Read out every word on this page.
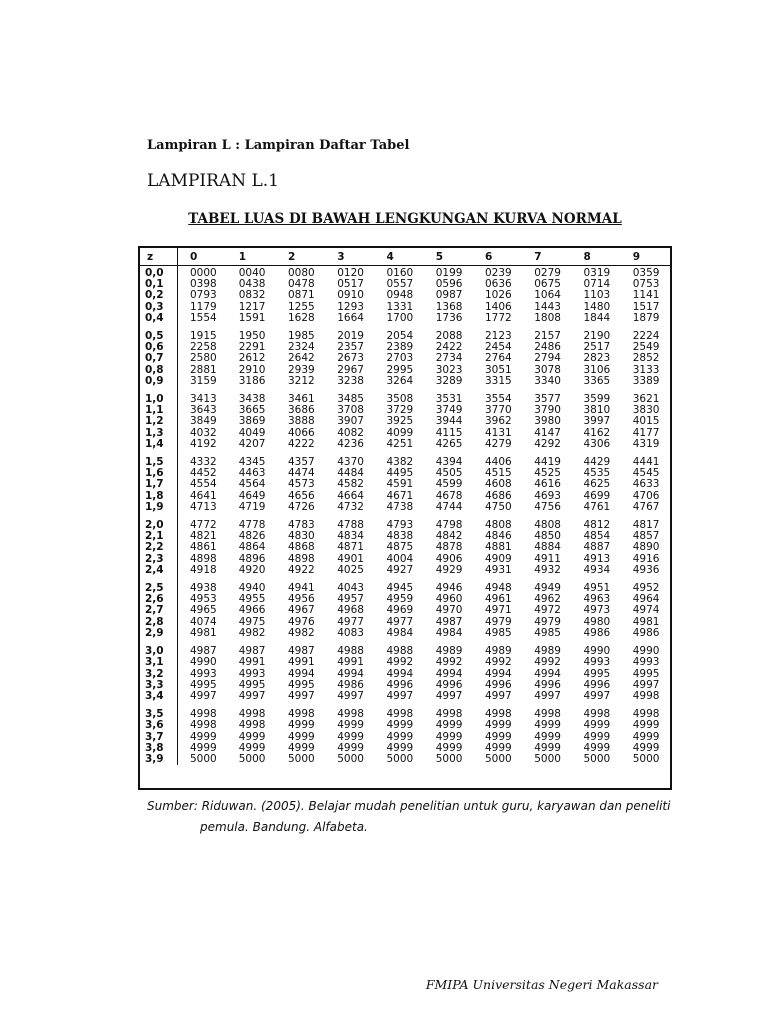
Lampiran L : Lampiran Daftar Tabel
LAMPIRAN L.1
TABEL LUAS DI BAWAH LENGKUNGAN KURVA NORMAL
z	0	1	2	3	4	5	6	7	8	9
0,0	0000	0040	0080	0120	0160	0199	0239	0279	0319	0359
0,1	0398	0438	0478	0517	0557	0596	0636	0675	0714	0753
0,2	0793	0832	0871	0910	0948	0987	1026	1064	1103	1141
0,3	1179	1217	1255	1293	1331	1368	1406	1443	1480	1517
0,4	1554	1591	1628	1664	1700	1736	1772	1808	1844	1879

0,5	1915	1950	1985	2019	2054	2088	2123	2157	2190	2224
0,6	2258	2291	2324	2357	2389	2422	2454	2486	2517	2549
0,7	2580	2612	2642	2673	2703	2734	2764	2794	2823	2852
0,8	2881	2910	2939	2967	2995	3023	3051	3078	3106	3133
0,9	3159	3186	3212	3238	3264	3289	3315	3340	3365	3389

1,0	3413	3438	3461	3485	3508	3531	3554	3577	3599	3621
1,1	3643	3665	3686	3708	3729	3749	3770	3790	3810	3830
1,2	3849	3869	3888	3907	3925	3944	3962	3980	3997	4015
1,3	4032	4049	4066	4082	4099	4115	4131	4147	4162	4177
1,4	4192	4207	4222	4236	4251	4265	4279	4292	4306	4319

1,5	4332	4345	4357	4370	4382	4394	4406	4419	4429	4441
1,6	4452	4463	4474	4484	4495	4505	4515	4525	4535	4545
1,7	4554	4564	4573	4582	4591	4599	4608	4616	4625	4633
1,8	4641	4649	4656	4664	4671	4678	4686	4693	4699	4706
1,9	4713	4719	4726	4732	4738	4744	4750	4756	4761	4767

2,0	4772	4778	4783	4788	4793	4798	4808	4808	4812	4817
2,1	4821	4826	4830	4834	4838	4842	4846	4850	4854	4857
2,2	4861	4864	4868	4871	4875	4878	4881	4884	4887	4890
2,3	4898	4896	4898	4901	4004	4906	4909	4911	4913	4916
2,4	4918	4920	4922	4025	4927	4929	4931	4932	4934	4936

2,5	4938	4940	4941	4043	4945	4946	4948	4949	4951	4952
2,6	4953	4955	4956	4957	4959	4960	4961	4962	4963	4964
2,7	4965	4966	4967	4968	4969	4970	4971	4972	4973	4974
2,8	4074	4975	4976	4977	4977	4987	4979	4979	4980	4981
2,9	4981	4982	4982	4083	4984	4984	4985	4985	4986	4986

3,0	4987	4987	4987	4988	4988	4989	4989	4989	4990	4990
3,1	4990	4991	4991	4991	4992	4992	4992	4992	4993	4993
3,2	4993	4993	4994	4994	4994	4994	4994	4994	4995	4995
3,3	4995	4995	4995	4986	4996	4996	4996	4996	4996	4997
3,4	4997	4997	4997	4997	4997	4997	4997	4997	4997	4998

3,5	4998	4998	4998	4998	4998	4998	4998	4998	4998	4998
3,6	4998	4998	4999	4999	4999	4999	4999	4999	4999	4999
3,7	4999	4999	4999	4999	4999	4999	4999	4999	4999	4999
3,8	4999	4999	4999	4999	4999	4999	4999	4999	4999	4999
3,9	5000	5000	5000	5000	5000	5000	5000	5000	5000	5000
Sumber: Riduwan. (2005). Belajar mudah penelitian untuk guru, karyawan dan peneliti
pemula. Bandung. Alfabeta.
FMIPA Universitas Negeri Makassar
